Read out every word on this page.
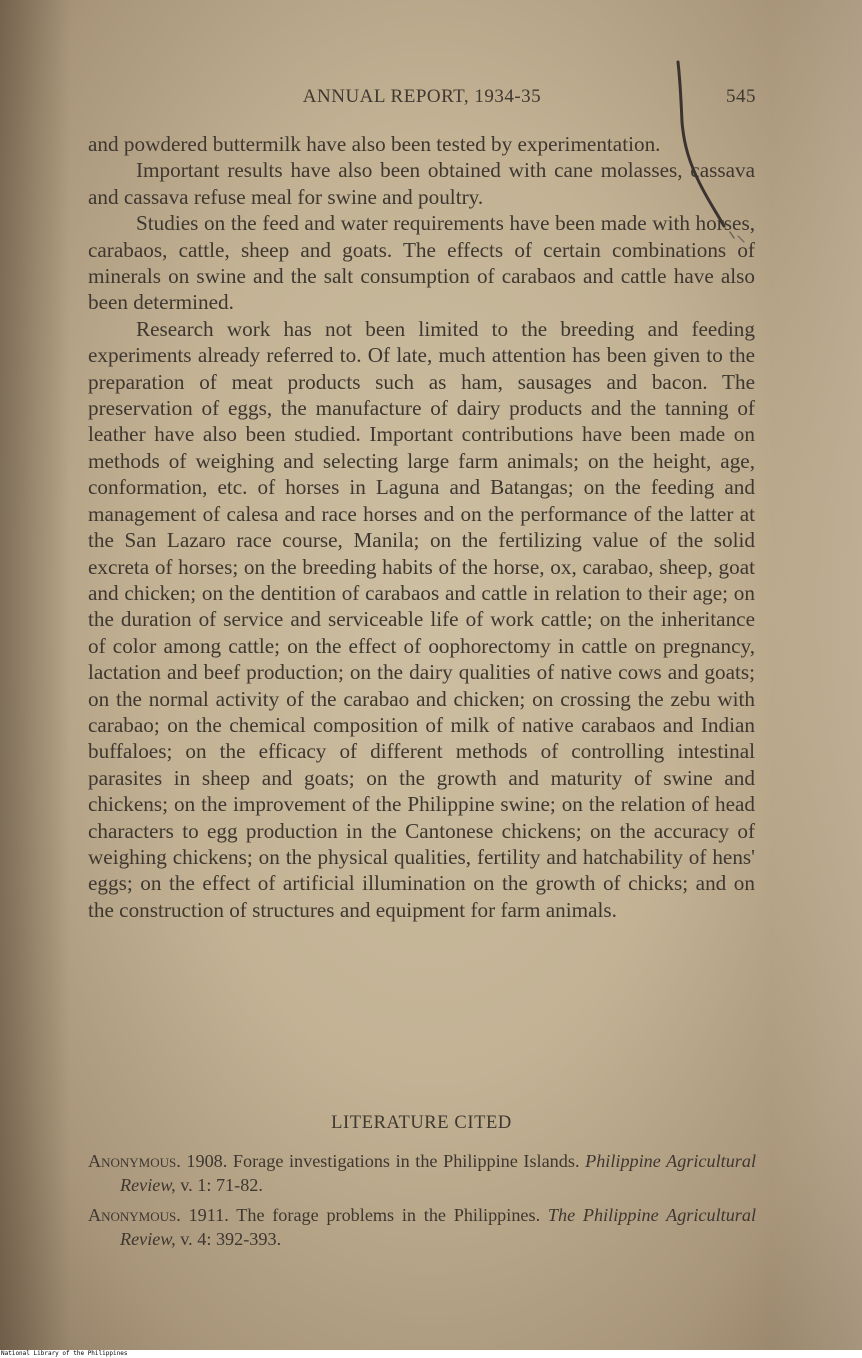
ANNUAL REPORT, 1934-35	545

and powdered buttermilk have also been tested by experimentation.

Important results have also been obtained with cane molasses, cassava and cassava refuse meal for swine and poultry.

Studies on the feed and water requirements have been made with horses, carabaos, cattle, sheep and goats. The effects of certain combinations of minerals on swine and the salt consumption of carabaos and cattle have also been determined.

Research work has not been limited to the breeding and feeding experiments already referred to. Of late, much attention has been given to the preparation of meat products such as ham, sausages and bacon. The preservation of eggs, the manufacture of dairy products and the tanning of leather have also been studied. Important contributions have been made on methods of weighing and selecting large farm animals; on the height, age, conformation, etc. of horses in Laguna and Batangas; on the feeding and management of calesa and race horses and on the performance of the latter at the San Lazaro race course, Manila; on the fertilizing value of the solid excreta of horses; on the breeding habits of the horse, ox, carabao, sheep, goat and chicken; on the dentition of carabaos and cattle in relation to their age; on the duration of service and serviceable life of work cattle; on the inheritance of color among cattle; on the effect of oophorectomy in cattle on pregnancy, lactation and beef production; on the dairy qualities of native cows and goats; on the normal activity of the carabao and chicken; on crossing the zebu with carabao; on the chemical composition of milk of native carabaos and Indian buffaloes; on the efficacy of different methods of controlling intestinal parasites in sheep and goats; on the growth and maturity of swine and chickens; on the improvement of the Philippine swine; on the relation of head characters to egg production in the Cantonese chickens; on the accuracy of weighing chickens; on the physical qualities, fertility and hatchability of hens' eggs; on the effect of artificial illumination on the growth of chicks; and on the construction of structures and equipment for farm animals.

LITERATURE CITED

Anonymous. 1908. Forage investigations in the Philippine Islands. Philippine Agricultural Review, v. 1: 71-82.

Anonymous. 1911. The forage problems in the Philippines. The Philippine Agricultural Review, v. 4: 392-393.

National Library of the Philippines
